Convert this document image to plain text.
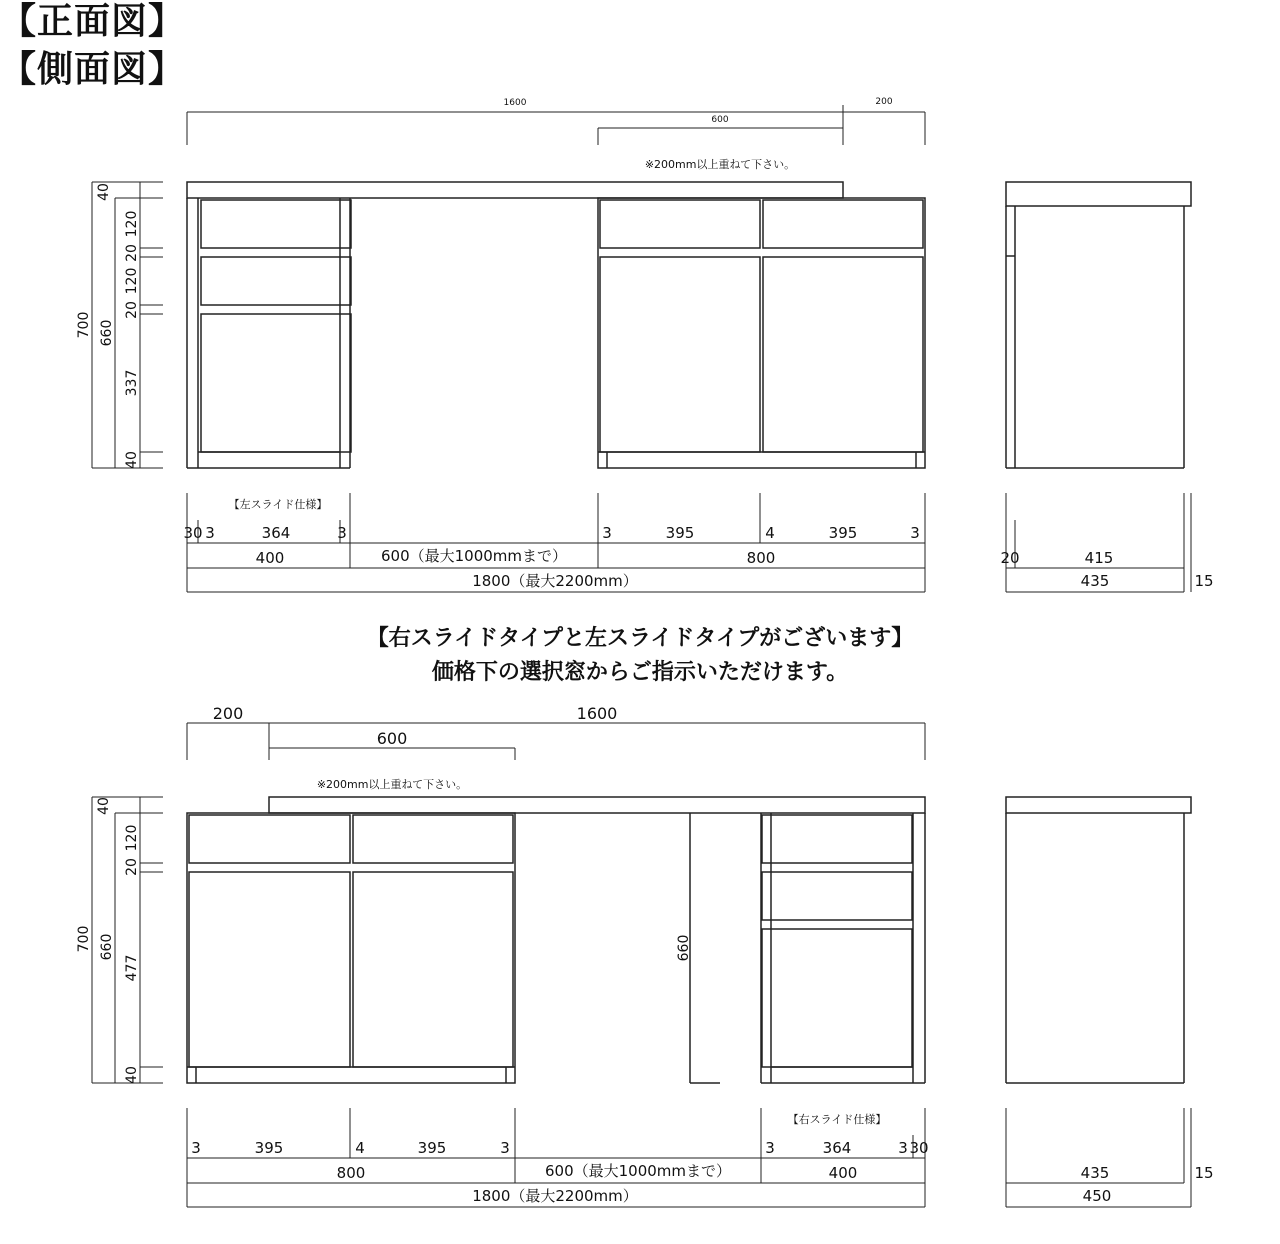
【正面図】
【側面図】
1600
600
200
※200mm以上重ねて下さい。
40
120
20
120
20
337
40
700 660
【左スライド仕様】
30 3	364	3
400	600（最大1000mmまで）
3	395	4	395	3
800
1800（最大2200mm）
20	415
435	15
200	1600
600
※200mm以上重ねて下さい。
660
40
120
20
477
40
700 660
3	395	4	395	3
800	600（最大1000mmまで）
【右スライド仕様】
3	364	3 30
400
1800（最大2200mm）
435	15
450
【右スライドタイプと左スライドタイプがございます】
価格下の選択窓からご指示いただけます。
